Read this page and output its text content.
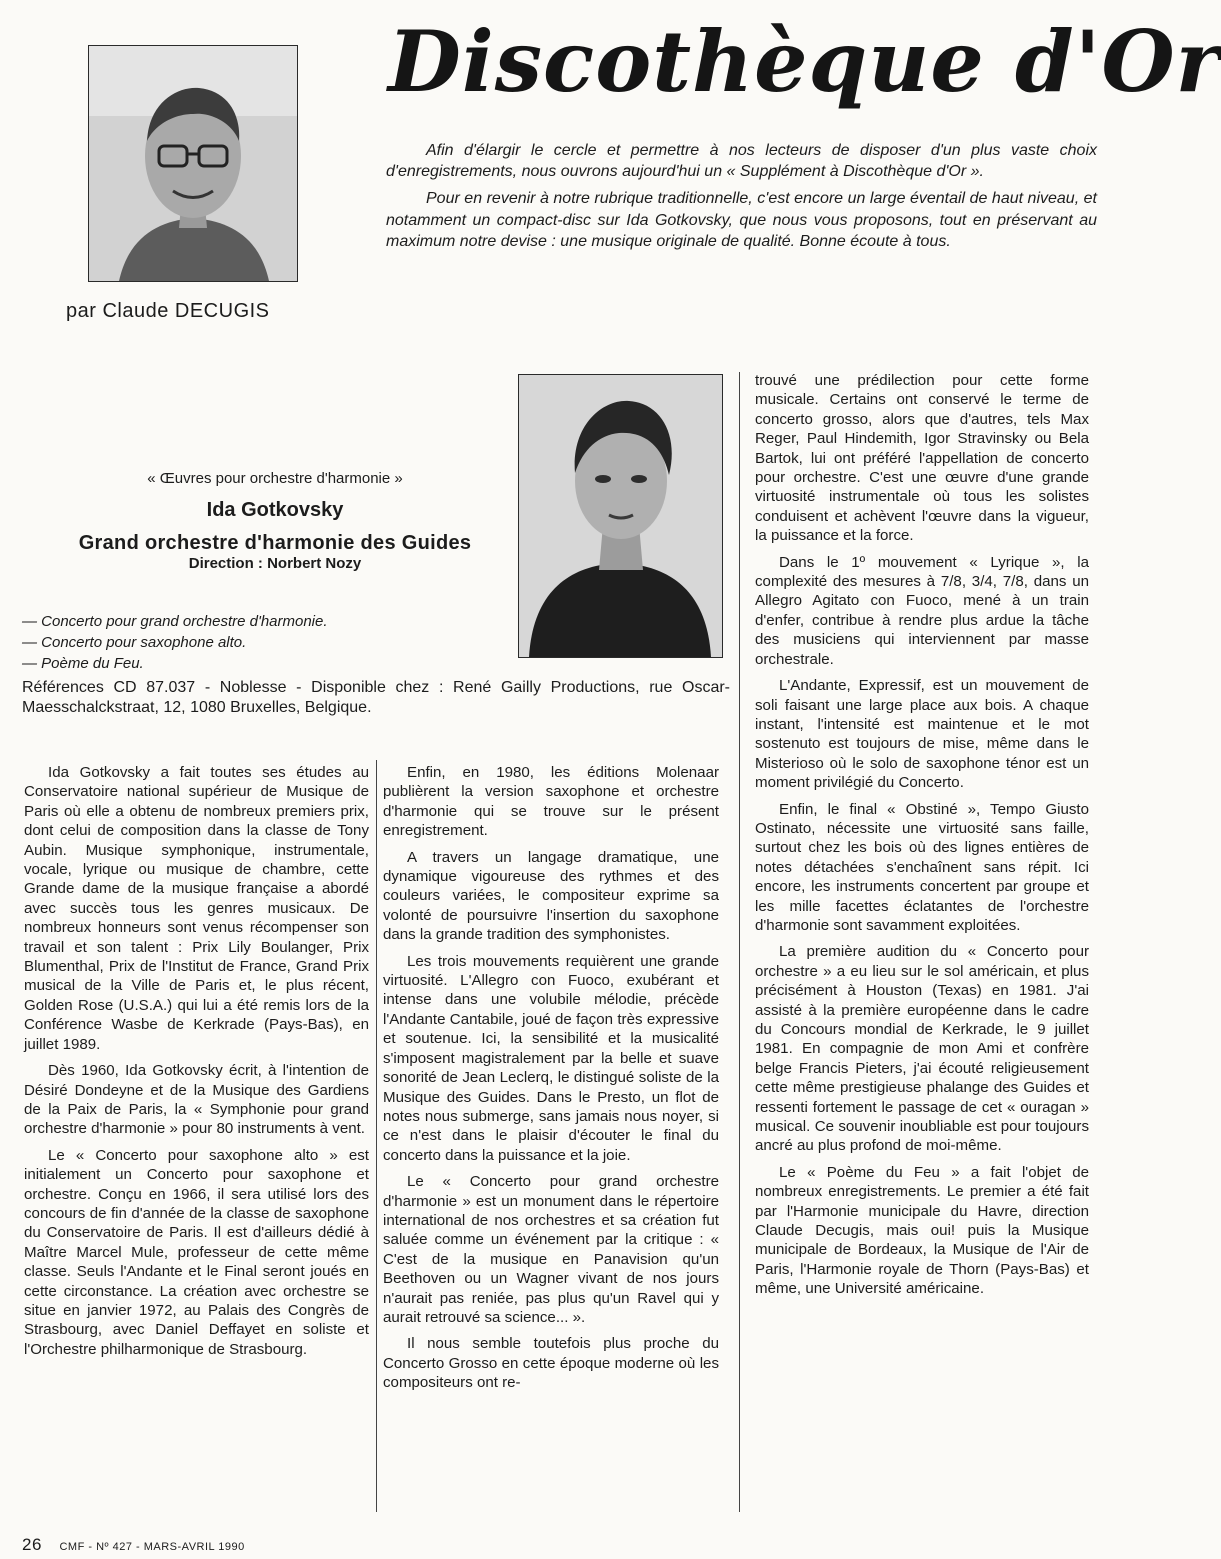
Discothèque d'Or
par Claude DECUGIS

Afin d'élargir le cercle et permettre à nos lecteurs de disposer d'un plus vaste choix d'enregistrements, nous ouvrons aujourd'hui un « Supplément à Discothèque d'Or ».

Pour en revenir à notre rubrique traditionnelle, c'est encore un large éventail de haut niveau, et notamment un compact-disc sur Ida Gotkovsky, que nous vous proposons, tout en préservant au maximum notre devise : une musique originale de qualité. Bonne écoute à tous.

« Œuvres pour orchestre d'harmonie »
Ida Gotkovsky
Grand orchestre d'harmonie des Guides
Direction : Norbert Nozy
— Concerto pour grand orchestre d'harmonie.
— Concerto pour saxophone alto.
— Poème du Feu.
Références CD 87.037 - Noblesse - Disponible chez : René Gailly Productions, rue Oscar-Maesschalckstraat, 12, 1080 Bruxelles, Belgique.

Ida Gotkovsky a fait toutes ses études au Conservatoire national supérieur de Musique de Paris où elle a obtenu de nombreux premiers prix, dont celui de composition dans la classe de Tony Aubin. Musique symphonique, instrumentale, vocale, lyrique ou musique de chambre, cette Grande dame de la musique française a abordé avec succès tous les genres musicaux. De nombreux honneurs sont venus récompenser son travail et son talent : Prix Lily Boulanger, Prix Blumenthal, Prix de l'Institut de France, Grand Prix musical de la Ville de Paris et, le plus récent, Golden Rose (U.S.A.) qui lui a été remis lors de la Conférence Wasbe de Kerkrade (Pays-Bas), en juillet 1989.

Dès 1960, Ida Gotkovsky écrit, à l'intention de Désiré Dondeyne et de la Musique des Gardiens de la Paix de Paris, la « Symphonie pour grand orchestre d'harmonie » pour 80 instruments à vent.

Le « Concerto pour saxophone alto » est initialement un Concerto pour saxophone et orchestre. Conçu en 1966, il sera utilisé lors des concours de fin d'année de la classe de saxophone du Conservatoire de Paris. Il est d'ailleurs dédié à Maître Marcel Mule, professeur de cette même classe. Seuls l'Andante et le Final seront joués en cette circonstance. La création avec orchestre se situe en janvier 1972, au Palais des Congrès de Strasbourg, avec Daniel Deffayet en soliste et l'Orchestre philharmonique de Strasbourg.

Enfin, en 1980, les éditions Molenaar publièrent la version saxophone et orchestre d'harmonie qui se trouve sur le présent enregistrement.

A travers un langage dramatique, une dynamique vigoureuse des rythmes et des couleurs variées, le compositeur exprime sa volonté de poursuivre l'insertion du saxophone dans la grande tradition des symphonistes.

Les trois mouvements requièrent une grande virtuosité. L'Allegro con Fuoco, exubérant et intense dans une volubile mélodie, précède l'Andante Cantabile, joué de façon très expressive et soutenue. Ici, la sensibilité et la musicalité s'imposent magistralement par la belle et suave sonorité de Jean Leclerq, le distingué soliste de la Musique des Guides. Dans le Presto, un flot de notes nous submerge, sans jamais nous noyer, si ce n'est dans le plaisir d'écouter le final du concerto dans la puissance et la joie.

Le « Concerto pour grand orchestre d'harmonie » est un monument dans le répertoire international de nos orchestres et sa création fut saluée comme un événement par la critique : « C'est de la musique en Panavision qu'un Beethoven ou un Wagner vivant de nos jours n'aurait pas reniée, pas plus qu'un Ravel qui y aurait retrouvé sa science... ».

Il nous semble toutefois plus proche du Concerto Grosso en cette époque moderne où les compositeurs ont re-

trouvé une prédilection pour cette forme musicale. Certains ont conservé le terme de concerto grosso, alors que d'autres, tels Max Reger, Paul Hindemith, Igor Stravinsky ou Bela Bartok, lui ont préféré l'appellation de concerto pour orchestre. C'est une œuvre d'une grande virtuosité instrumentale où tous les solistes conduisent et achèvent l'œuvre dans la vigueur, la puissance et la force.

Dans le 1º mouvement « Lyrique », la complexité des mesures à 7/8, 3/4, 7/8, dans un Allegro Agitato con Fuoco, mené à un train d'enfer, contribue à rendre plus ardue la tâche des musiciens qui interviennent par masse orchestrale.

L'Andante, Expressif, est un mouvement de soli faisant une large place aux bois. A chaque instant, l'intensité est maintenue et le mot sostenuto est toujours de mise, même dans le Misterioso où le solo de saxophone ténor est un moment privilégié du Concerto.

Enfin, le final « Obstiné », Tempo Giusto Ostinato, nécessite une virtuosité sans faille, surtout chez les bois où des lignes entières de notes détachées s'enchaînent sans répit. Ici encore, les instruments concertent par groupe et les mille facettes éclatantes de l'orchestre d'harmonie sont savamment exploitées.

La première audition du « Concerto pour orchestre » a eu lieu sur le sol américain, et plus précisément à Houston (Texas) en 1981. J'ai assisté à la première européenne dans le cadre du Concours mondial de Kerkrade, le 9 juillet 1981. En compagnie de mon Ami et confrère belge Francis Pieters, j'ai écouté religieusement cette même prestigieuse phalange des Guides et ressenti fortement le passage de cet « ouragan » musical. Ce souvenir inoubliable est pour toujours ancré au plus profond de moi-même.

Le « Poème du Feu » a fait l'objet de nombreux enregistrements. Le premier a été fait par l'Harmonie municipale du Havre, direction Claude Decugis, mais oui! puis la Musique municipale de Bordeaux, la Musique de l'Air de Paris, l'Harmonie royale de Thorn (Pays-Bas) et même, une Université américaine.

26 CMF - Nº 427 - MARS-AVRIL 1990
